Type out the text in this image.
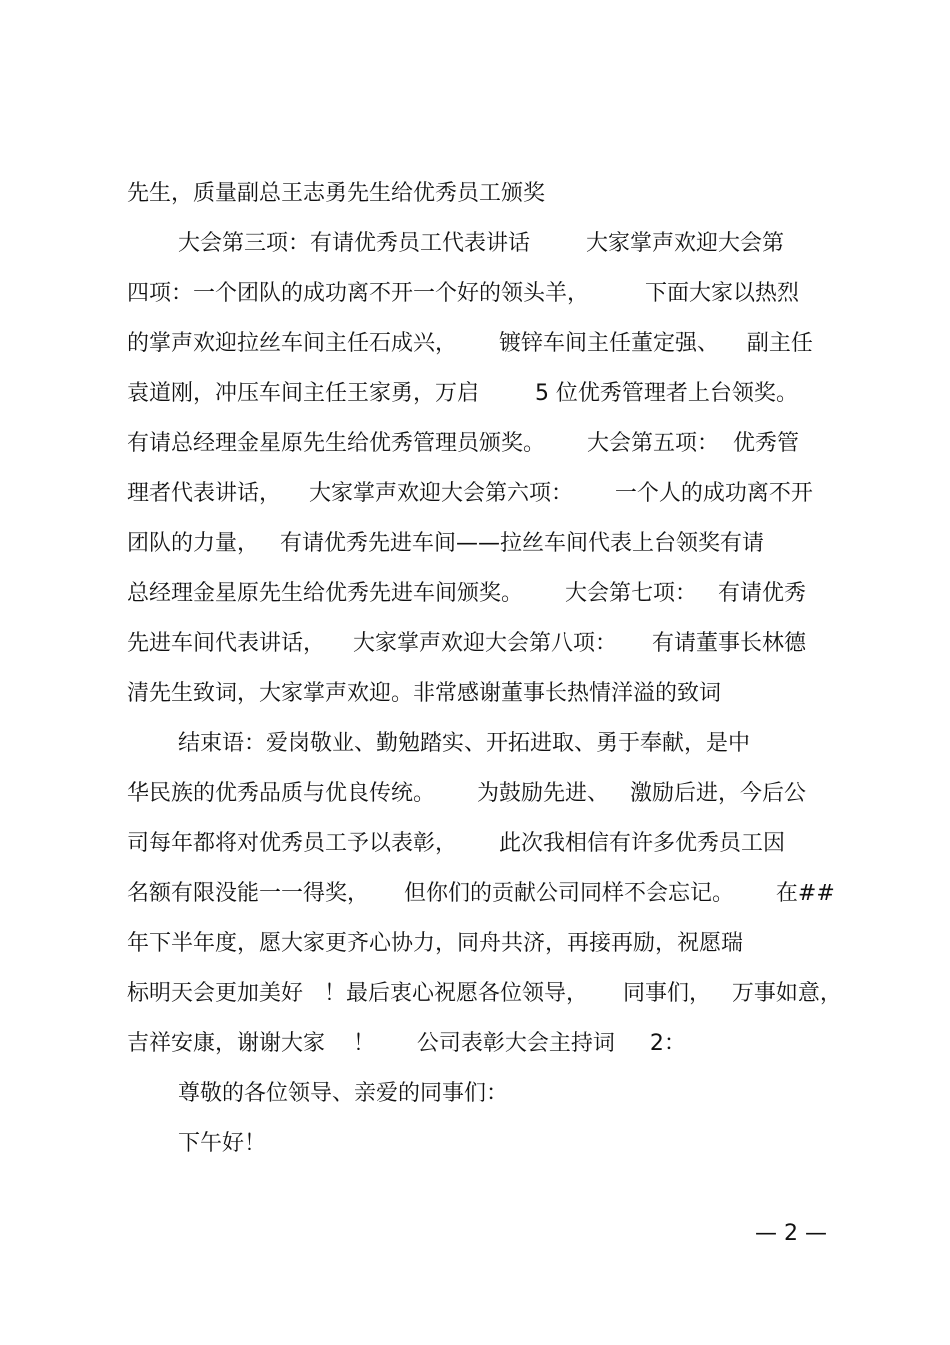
先生，质量副总王志勇先生给优秀员工颁奖
大会第三项：有请优秀员工代表讲话        大家掌声欢迎大会第
四项：一个团队的成功离不开一个好的领头羊，        下面大家以热烈
的掌声欢迎拉丝车间主任石成兴，      镀锌车间主任董定强、    副主任
袁道刚，冲压车间主任王家勇，万启        5 位优秀管理者上台领奖。
有请总经理金星原先生给优秀管理员颁奖。      大会第五项：  优秀管
理者代表讲话，    大家掌声欢迎大会第六项：      一个人的成功离不开
团队的力量，   有请优秀先进车间——拉丝车间代表上台领奖有请
总经理金星原先生给优秀先进车间颁奖。      大会第七项：   有请优秀
先进车间代表讲话，    大家掌声欢迎大会第八项：     有请董事长林德
清先生致词，大家掌声欢迎。非常感谢董事长热情洋溢的致词
结束语：爱岗敬业、勤勉踏实、开拓进取、勇于奉献，是中
华民族的优秀品质与优良传统。      为鼓励先进、   激励后进，今后公
司每年都将对优秀员工予以表彰，      此次我相信有许多优秀员工因
名额有限没能一一得奖，     但你们的贡献公司同样不会忘记。      在##
年下半年度，愿大家更齐心协力，同舟共济，再接再励，祝愿瑞
标明天会更加美好   ！最后衷心祝愿各位领导，     同事们，   万事如意，
吉祥安康，谢谢大家    ！      公司表彰大会主持词     2：
尊敬的各位领导、亲爱的同事们：
下午好！
— 2 —
